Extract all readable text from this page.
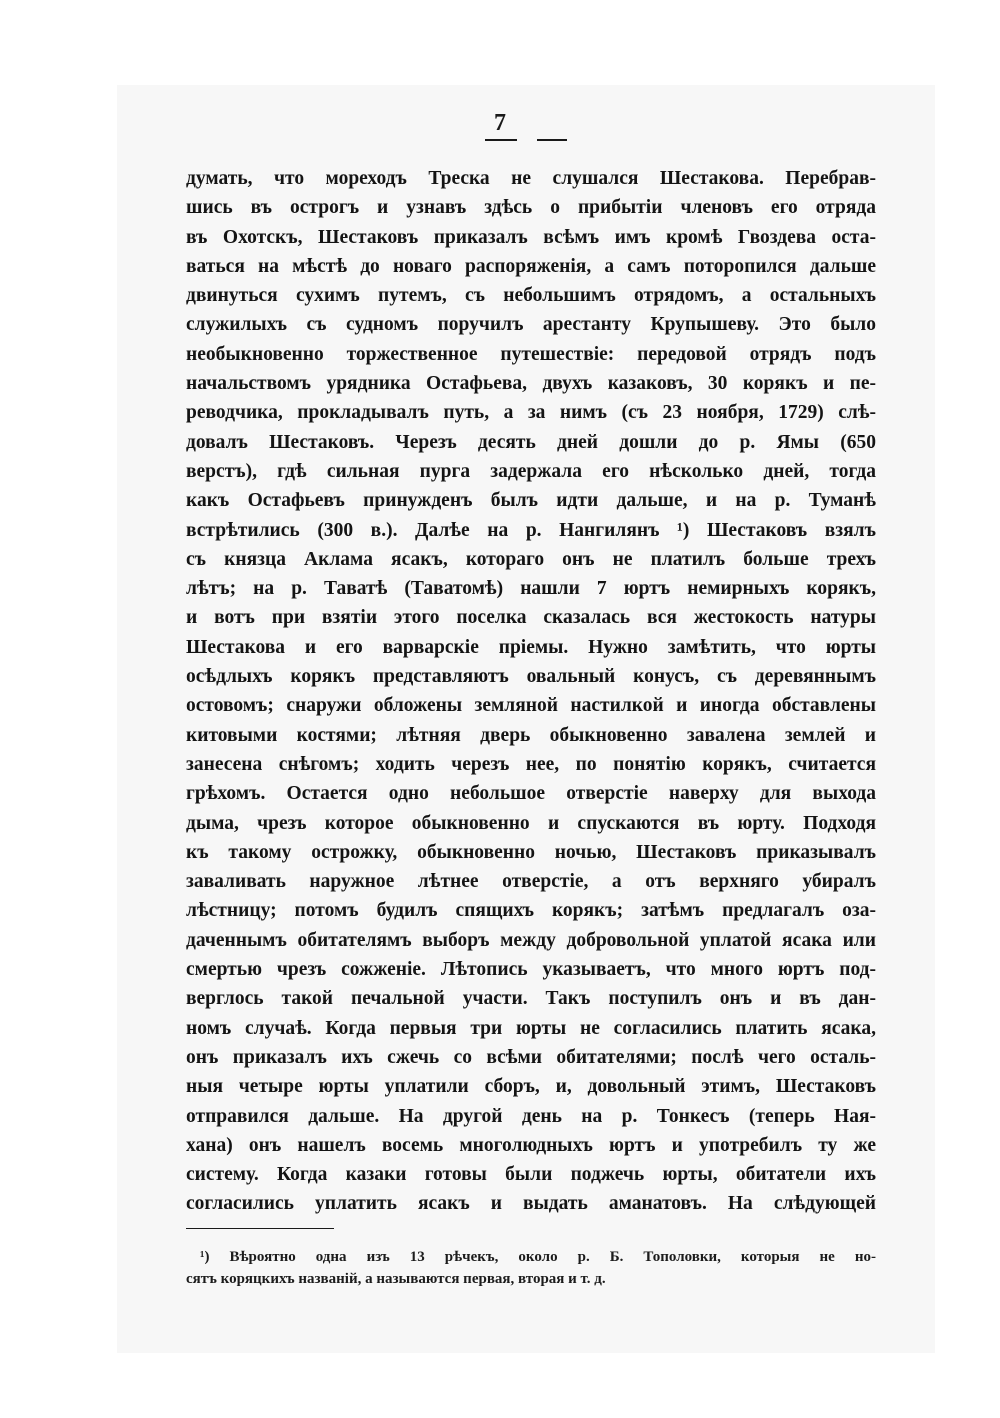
7
думать, что мореходъ Треска не слушался Шестакова. Перебрав-
шись въ острогъ и узнавъ здѣсь о прибытіи членовъ его отряда
въ Охотскъ, Шестаковъ приказалъ всѣмъ имъ кромѣ Гвоздева оста-
ваться на мѣстѣ до новаго распоряженія, а самъ поторопился дальше
двинуться сухимъ путемъ, съ небольшимъ отрядомъ, а остальныхъ
служилыхъ съ судномъ поручилъ арестанту Крупышеву. Это было
необыкновенно торжественное путешествіе: передовой отрядъ подъ
начальствомъ урядника Остафьева, двухъ казаковъ, 30 корякъ и пе-
реводчика, прокладывалъ путь, а за нимъ (съ 23 ноября, 1729) слѣ-
довалъ Шестаковъ. Черезъ десять дней дошли до р. Ямы (650
верстъ), гдѣ сильная пурга задержала его нѣсколько дней, тогда
какъ Остафьевъ принужденъ былъ идти дальше, и на р. Туманѣ
встрѣтились (300 в.). Далѣе на р. Нангилянъ ¹) Шестаковъ взялъ
съ князца Аклама ясакъ, котораго онъ не платилъ больше трехъ
лѣтъ; на р. Таватѣ (Таватомѣ) нашли 7 юртъ немирныхъ корякъ,
и вотъ при взятіи этого поселка сказалась вся жестокость натуры
Шестакова и его варварскіе пріемы. Нужно замѣтить, что юрты
осѣдлыхъ корякъ представляютъ овальный конусъ, съ деревяннымъ
остовомъ; снаружи обложены земляной настилкой и иногда обставлены
китовыми костями; лѣтняя дверь обыкновенно завалена землей и
занесена снѣгомъ; ходить черезъ нее, по понятію корякъ, считается
грѣхомъ. Остается одно небольшое отверстіе наверху для выхода
дыма, чрезъ которое обыкновенно и спускаются въ юрту. Подходя
къ такому острожку, обыкновенно ночью, Шестаковъ приказывалъ
заваливать наружное лѣтнее отверстіе, а отъ верхняго убиралъ
лѣстницу; потомъ будилъ спящихъ корякъ; затѣмъ предлагалъ оза-
даченнымъ обитателямъ выборъ между добровольной уплатой ясака или
смертью чрезъ сожженіе. Лѣтопись указываетъ, что много юртъ под-
верглось такой печальной участи. Такъ поступилъ онъ и въ дан-
номъ случаѣ. Когда первыя три юрты не согласились платить ясака,
онъ приказалъ ихъ сжечь со всѣми обитателями; послѣ чего осталь-
ныя четыре юрты уплатили сборъ, и, довольный этимъ, Шестаковъ
отправился дальше. На другой день на р. Тонкесъ (теперь Ная-
хана) онъ нашелъ восемь многолюдныхъ юртъ и употребилъ ту же
систему. Когда казаки готовы были поджечь юрты, обитатели ихъ
согласились уплатить ясакъ и выдать аманатовъ. На слѣдующей
¹) Вѣроятно одна изъ 13 рѣчекъ, около р. Б. Тополовки, которыя не но-
сятъ коряцкихъ названій, а называются первая, вторая и т. д.
